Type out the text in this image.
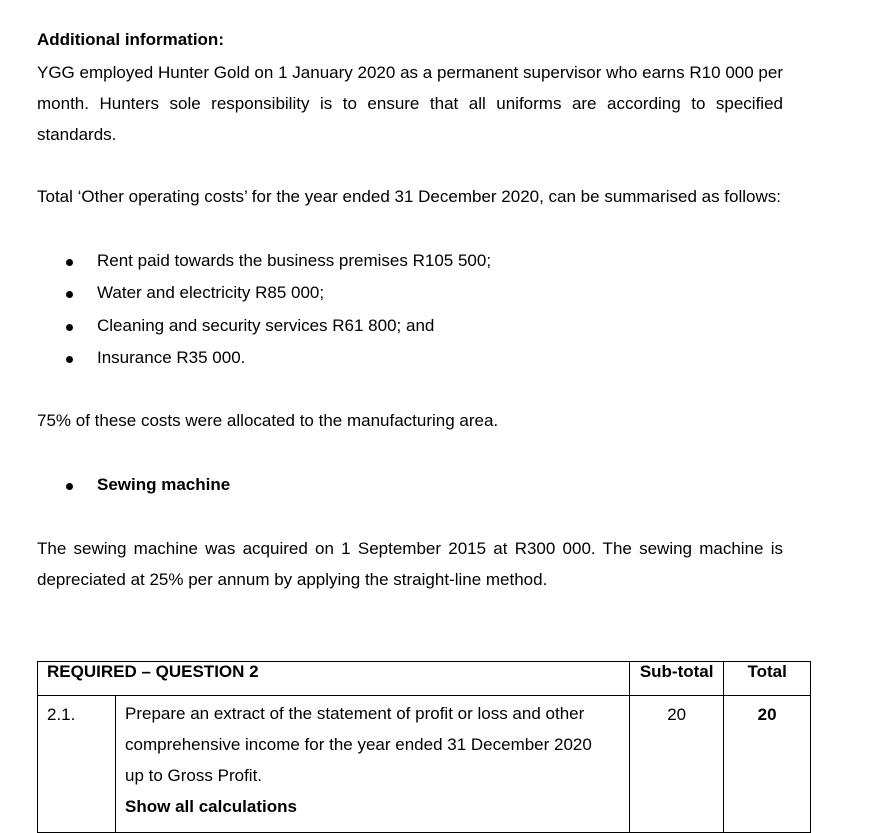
Additional information:
YGG employed Hunter Gold on 1 January 2020 as a permanent supervisor who earns R10 000 per month. Hunters sole responsibility is to ensure that all uniforms are according to specified standards.
Total ‘Other operating costs’ for the year ended 31 December 2020, can be summarised as follows:
Rent paid towards the business premises R105 500;
Water and electricity R85 000;
Cleaning and security services R61 800; and
Insurance R35 000.
75% of these costs were allocated to the manufacturing area.
Sewing machine
The sewing machine was acquired on 1 September 2015 at R300 000. The sewing machine is depreciated at 25% per annum by applying the straight-line method.
REQUIRED – QUESTION 2		Sub-total	Total
2.1.	Prepare an extract of the statement of profit or loss and other
comprehensive income for the year ended 31 December 2020
up to Gross Profit.
Show all calculations	20	20
